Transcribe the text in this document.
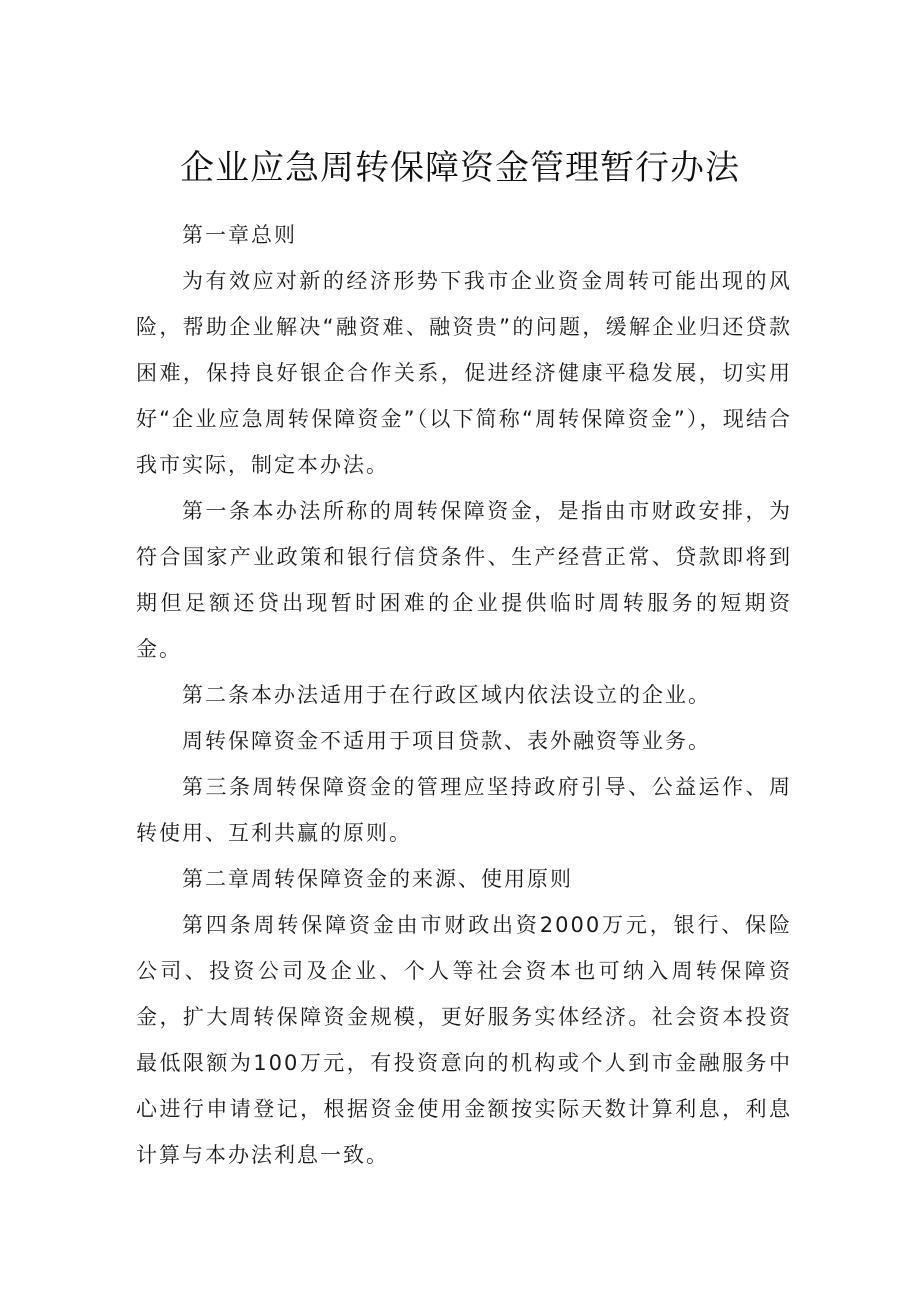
企业应急周转保障资金管理暂行办法

第一章总则

为有效应对新的经济形势下我市企业资金周转可能出现的风险，帮助企业解决“融资难、融资贵”的问题，缓解企业归还贷款困难，保持良好银企合作关系，促进经济健康平稳发展，切实用好“企业应急周转保障资金”（以下简称“周转保障资金”），现结合我市实际，制定本办法。

第一条本办法所称的周转保障资金，是指由市财政安排，为符合国家产业政策和银行信贷条件、生产经营正常、贷款即将到期但足额还贷出现暂时困难的企业提供临时周转服务的短期资金。

第二条本办法适用于在行政区域内依法设立的企业。

周转保障资金不适用于项目贷款、表外融资等业务。

第三条周转保障资金的管理应坚持政府引导、公益运作、周转使用、互利共赢的原则。

第二章周转保障资金的来源、使用原则

第四条周转保障资金由市财政出资2000万元，银行、保险公司、投资公司及企业、个人等社会资本也可纳入周转保障资金，扩大周转保障资金规模，更好服务实体经济。社会资本投资最低限额为100万元，有投资意向的机构或个人到市金融服务中心进行申请登记，根据资金使用金额按实际天数计算利息，利息计算与本办法利息一致。
